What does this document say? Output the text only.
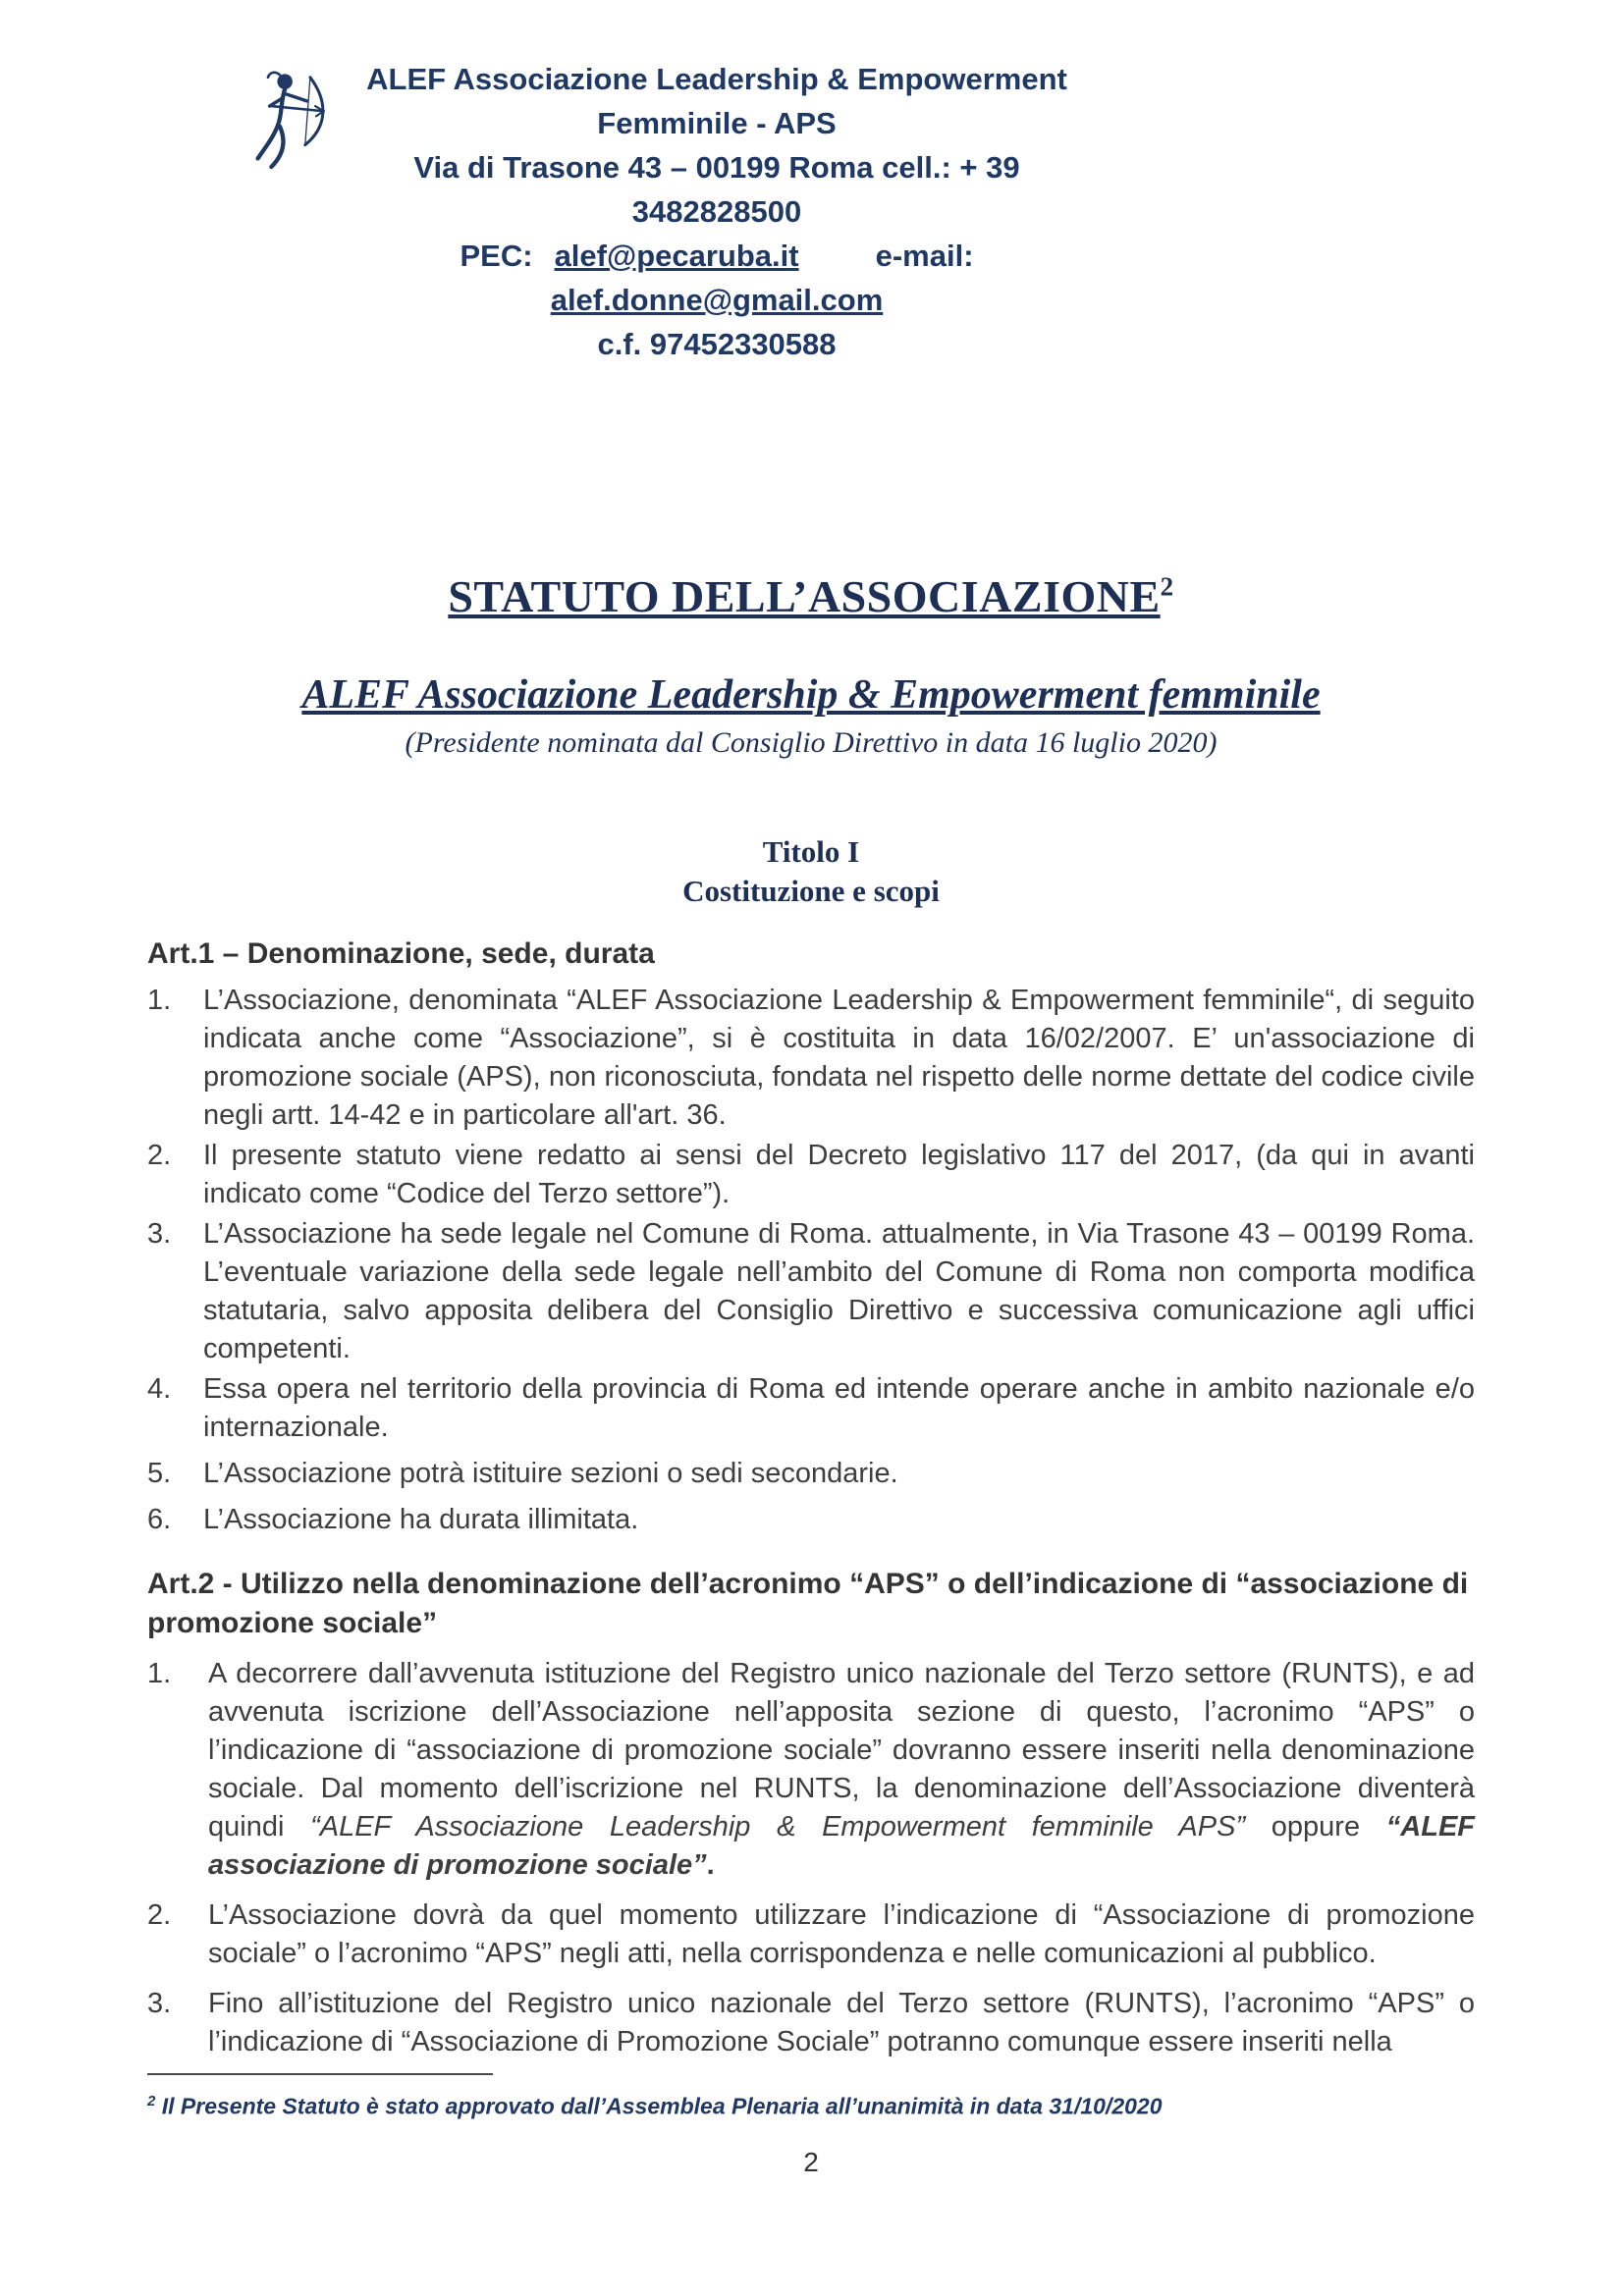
ALEF Associazione Leadership & Empowerment
Femminile - APS
Via di Trasone 43 – 00199 Roma cell.: + 39
3482828500
PEC: alef@pecaruba.it	e-mail:
alef.donne@gmail.com
c.f. 97452330588
STATUTO DELL’ASSOCIAZIONE$^2$
ALEF Associazione Leadership & Empowerment femminile
(Presidente nominata dal Consiglio Direttivo in data 16 luglio 2020)
Titolo I
Costituzione e scopi
Art.1 – Denominazione, sede, durata
1. L’Associazione, denominata “ALEF Associazione Leadership & Empowerment femminile“, di seguito indicata anche come “Associazione”, si è costituita in data 16/02/2007. E’ un'associazione di promozione sociale (APS), non riconosciuta, fondata nel rispetto delle norme dettate del codice civile negli artt. 14-42 e in particolare all'art. 36.
2. Il presente statuto viene redatto ai sensi del Decreto legislativo 117 del 2017, (da qui in avanti indicato come “Codice del Terzo settore”).
3. L’Associazione ha sede legale nel Comune di Roma. attualmente, in Via Trasone 43 – 00199 Roma. L’eventuale variazione della sede legale nell’ambito del Comune di Roma non comporta modifica statutaria, salvo apposita delibera del Consiglio Direttivo e successiva comunicazione agli uffici competenti.
4. Essa opera nel territorio della provincia di Roma ed intende operare anche in ambito nazionale e/o internazionale.
5. L’Associazione potrà istituire sezioni o sedi secondarie.
6. L’Associazione ha durata illimitata.
Art.2 - Utilizzo nella denominazione dell’acronimo “APS” o dell’indicazione di “associazione di promozione sociale”
1. A decorrere dall’avvenuta istituzione del Registro unico nazionale del Terzo settore (RUNTS), e ad avvenuta iscrizione dell’Associazione nell’apposita sezione di questo, l’acronimo “APS” o l’indicazione di “associazione di promozione sociale” dovranno essere inseriti nella denominazione sociale. Dal momento dell’iscrizione nel RUNTS, la denominazione dell’Associazione diventerà quindi “ALEF Associazione Leadership & Empowerment femminile APS” oppure “ALEF associazione di promozione sociale”.
2. L’Associazione dovrà da quel momento utilizzare l’indicazione di “Associazione di promozione sociale” o l’acronimo “APS” negli atti, nella corrispondenza e nelle comunicazioni al pubblico.
3. Fino all’istituzione del Registro unico nazionale del Terzo settore (RUNTS), l’acronimo “APS” o l’indicazione di “Associazione di Promozione Sociale” potranno comunque essere inseriti nella
$^2$ Il Presente Statuto è stato approvato dall’Assemblea Plenaria all’unanimità in data 31/10/2020
2
